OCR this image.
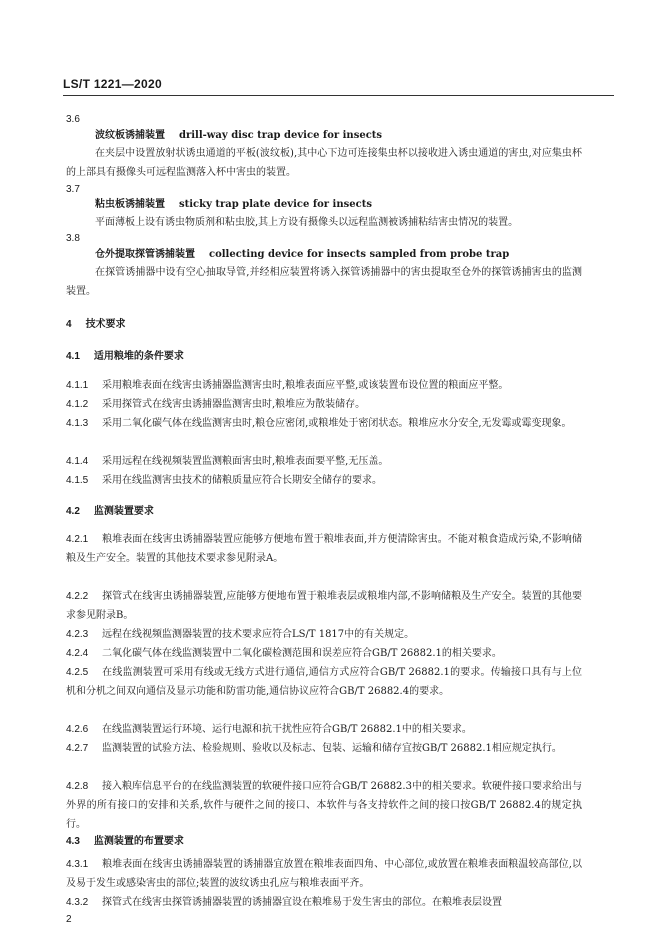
LS/T 1221—2020
3.6
波纹板诱捕装置 drill-way disc trap device for insects
在夹层中设置放射状诱虫通道的平板(波纹板),其中心下边可连接集虫杯以接收进入诱虫通道的害虫,对应集虫杯的上部具有摄像头可远程监测落入杯中害虫的装置。
3.7
粘虫板诱捕装置 sticky trap plate device for insects
平面薄板上设有诱虫物质剂和粘虫胶,其上方设有摄像头以远程监测被诱捕粘结害虫情况的装置。
3.8
仓外提取探管诱捕装置 collecting device for insects sampled from probe trap
在探管诱捕器中设有空心抽取导管,并经相应装置将诱入探管诱捕器中的害虫提取至仓外的探管诱捕害虫的监测装置。
4 技术要求
4.1 适用粮堆的条件要求
4.1.1 采用粮堆表面在线害虫诱捕器监测害虫时,粮堆表面应平整,或该装置布设位置的粮面应平整。
4.1.2 采用探管式在线害虫诱捕器监测害虫时,粮堆应为散装储存。
4.1.3 采用二氧化碳气体在线监测害虫时,粮仓应密闭,或粮堆处于密闭状态。粮堆应水分安全,无发霉或霉变现象。
4.1.4 采用远程在线视频装置监测粮面害虫时,粮堆表面要平整,无压盖。
4.1.5 采用在线监测害虫技术的储粮质量应符合长期安全储存的要求。
4.2 监测装置要求
4.2.1 粮堆表面在线害虫诱捕器装置应能够方便地布置于粮堆表面,并方便清除害虫。不能对粮食造成污染,不影响储粮及生产安全。装置的其他技术要求参见附录A。
4.2.2 探管式在线害虫诱捕器装置,应能够方便地布置于粮堆表层或粮堆内部,不影响储粮及生产安全。装置的其他要求参见附录B。
4.2.3 远程在线视频监测器装置的技术要求应符合LS/T 1817中的有关规定。
4.2.4 二氧化碳气体在线监测装置中二氧化碳检测范围和误差应符合GB/T 26882.1的相关要求。
4.2.5 在线监测装置可采用有线或无线方式进行通信,通信方式应符合GB/T 26882.1的要求。传输接口具有与上位机和分机之间双向通信及显示功能和防雷功能,通信协议应符合GB/T 26882.4的要求。
4.2.6 在线监测装置运行环境、运行电源和抗干扰性应符合GB/T 26882.1中的相关要求。
4.2.7 监测装置的试验方法、检验规则、验收以及标志、包装、运输和储存宜按GB/T 26882.1相应规定执行。
4.2.8 接入粮库信息平台的在线监测装置的软硬件接口应符合GB/T 26882.3中的相关要求。软硬件接口要求给出与外界的所有接口的安排和关系,软件与硬件之间的接口、本软件与各支持软件之间的接口按GB/T 26882.4的规定执行。
4.3 监测装置的布置要求
4.3.1 粮堆表面在线害虫诱捕器装置的诱捕器宜放置在粮堆表面四角、中心部位,或放置在粮堆表面粮温较高部位,以及易于发生或感染害虫的部位;装置的波纹诱虫孔应与粮堆表面平齐。
4.3.2 探管式在线害虫探管诱捕器装置的诱捕器宜设在粮堆易于发生害虫的部位。在粮堆表层设置
2
